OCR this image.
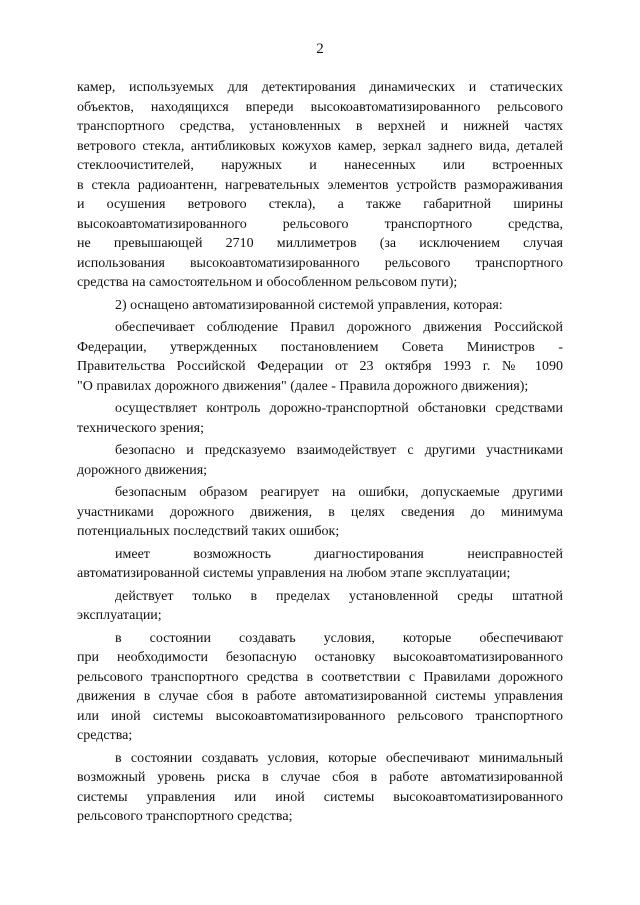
2
камер, используемых для детектирования динамических и статических
объектов, находящихся впереди высокоавтоматизированного рельсового
транспортного средства, установленных в верхней и нижней частях
ветрового стекла, антибликовых кожухов камер, зеркал заднего вида, деталей
стеклоочистителей, наружных и нанесенных или встроенных
в стекла радиоантенн, нагревательных элементов устройств размораживания
и осушения ветрового стекла), а также габаритной ширины
высокоавтоматизированного рельсового транспортного средства,
не превышающей 2710 миллиметров (за исключением случая
использования высокоавтоматизированного рельсового транспортного
средства на самостоятельном и обособленном рельсовом пути);
2) оснащено автоматизированной системой управления, которая:
обеспечивает соблюдение Правил дорожного движения Российской
Федерации, утвержденных постановлением Совета Министров -
Правительства Российской Федерации от 23 октября 1993 г. № 1090
"О правилах дорожного движения" (далее - Правила дорожного движения);
осуществляет контроль дорожно-транспортной обстановки средствами
технического зрения;
безопасно и предсказуемо взаимодействует с другими участниками
дорожного движения;
безопасным образом реагирует на ошибки, допускаемые другими
участниками дорожного движения, в целях сведения до минимума
потенциальных последствий таких ошибок;
имеет возможность диагностирования неисправностей
автоматизированной системы управления на любом этапе эксплуатации;
действует только в пределах установленной среды штатной
эксплуатации;
в состоянии создавать условия, которые обеспечивают
при необходимости безопасную остановку высокоавтоматизированного
рельсового транспортного средства в соответствии с Правилами дорожного
движения в случае сбоя в работе автоматизированной системы управления
или иной системы высокоавтоматизированного рельсового транспортного
средства;
в состоянии создавать условия, которые обеспечивают минимальный
возможный уровень риска в случае сбоя в работе автоматизированной
системы управления или иной системы высокоавтоматизированного
рельсового транспортного средства;
